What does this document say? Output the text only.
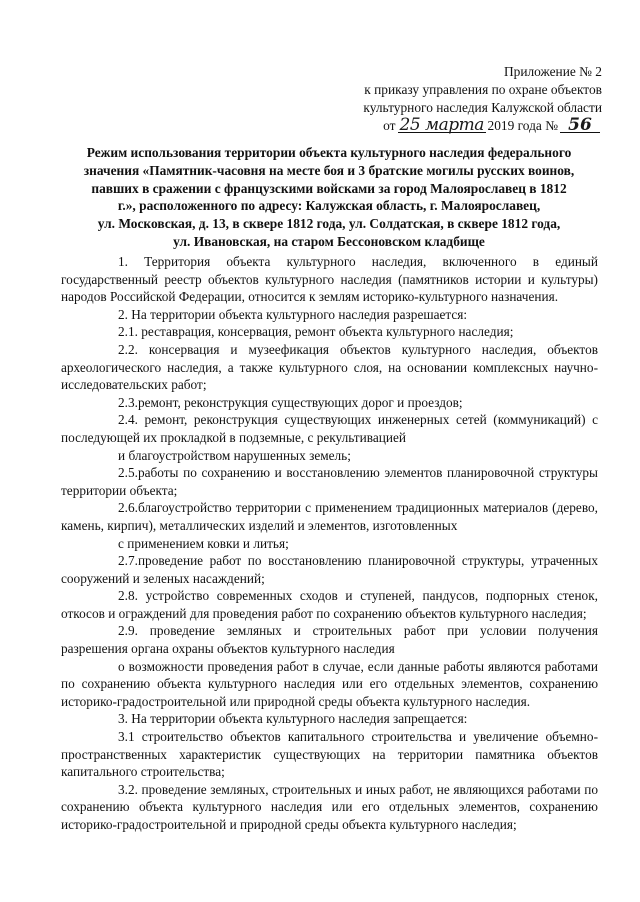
Приложение № 2
к приказу управления по охране объектов
культурного наследия Калужской области
от 25 марта 2019 года № 56
Режим использования территории объекта культурного наследия федерального
значения «Памятник-часовня на месте боя и 3 братские могилы русских воинов,
павших в сражении с французскими войсками за город Малоярославец в 1812
г.», расположенного по адресу: Калужская область, г. Малоярославец,
ул. Московская, д. 13, в сквере 1812 года, ул. Солдатская, в сквере 1812 года,
ул. Ивановская, на старом Бессоновском кладбище

1. Территория объекта культурного наследия, включенного в единый государственный реестр объектов культурного наследия (памятников истории и культуры) народов Российской Федерации, относится к землям историко-культурного назначения.

2. На территории объекта культурного наследия разрешается:

2.1. реставрация, консервация, ремонт объекта культурного наследия;

2.2. консервация и музеефикация объектов культурного наследия, объектов археологического наследия, а также культурного слоя, на основании комплексных научно-исследовательских работ;

2.3.ремонт, реконструкция существующих дорог и проездов;

2.4. ремонт, реконструкция существующих инженерных сетей (коммуникаций) с последующей их прокладкой в подземные, с рекультивацией

и благоустройством нарушенных земель;

2.5.работы по сохранению и восстановлению элементов планировочной структуры территории объекта;

2.6.благоустройство территории с применением традиционных материалов (дерево, камень, кирпич), металлических изделий и элементов, изготовленных

с применением ковки и литья;

2.7.проведение работ по восстановлению планировочной структуры, утраченных сооружений и зеленых насаждений;

2.8. устройство современных сходов и ступеней, пандусов, подпорных стенок, откосов и ограждений для проведения работ по сохранению объектов культурного наследия;

2.9. проведение земляных и строительных работ при условии получения разрешения органа охраны объектов культурного наследия

о возможности проведения работ в случае, если данные работы являются работами по сохранению объекта культурного наследия или его отдельных элементов, сохранению историко-градостроительной или природной среды объекта культурного наследия.

3. На территории объекта культурного наследия запрещается:

3.1 строительство объектов капитального строительства и увеличение объемно-пространственных характеристик существующих на территории памятника объектов капитального строительства;

3.2. проведение земляных, строительных и иных работ, не являющихся работами по сохранению объекта культурного наследия или его отдельных элементов, сохранению историко-градостроительной и природной среды объекта культурного наследия;
